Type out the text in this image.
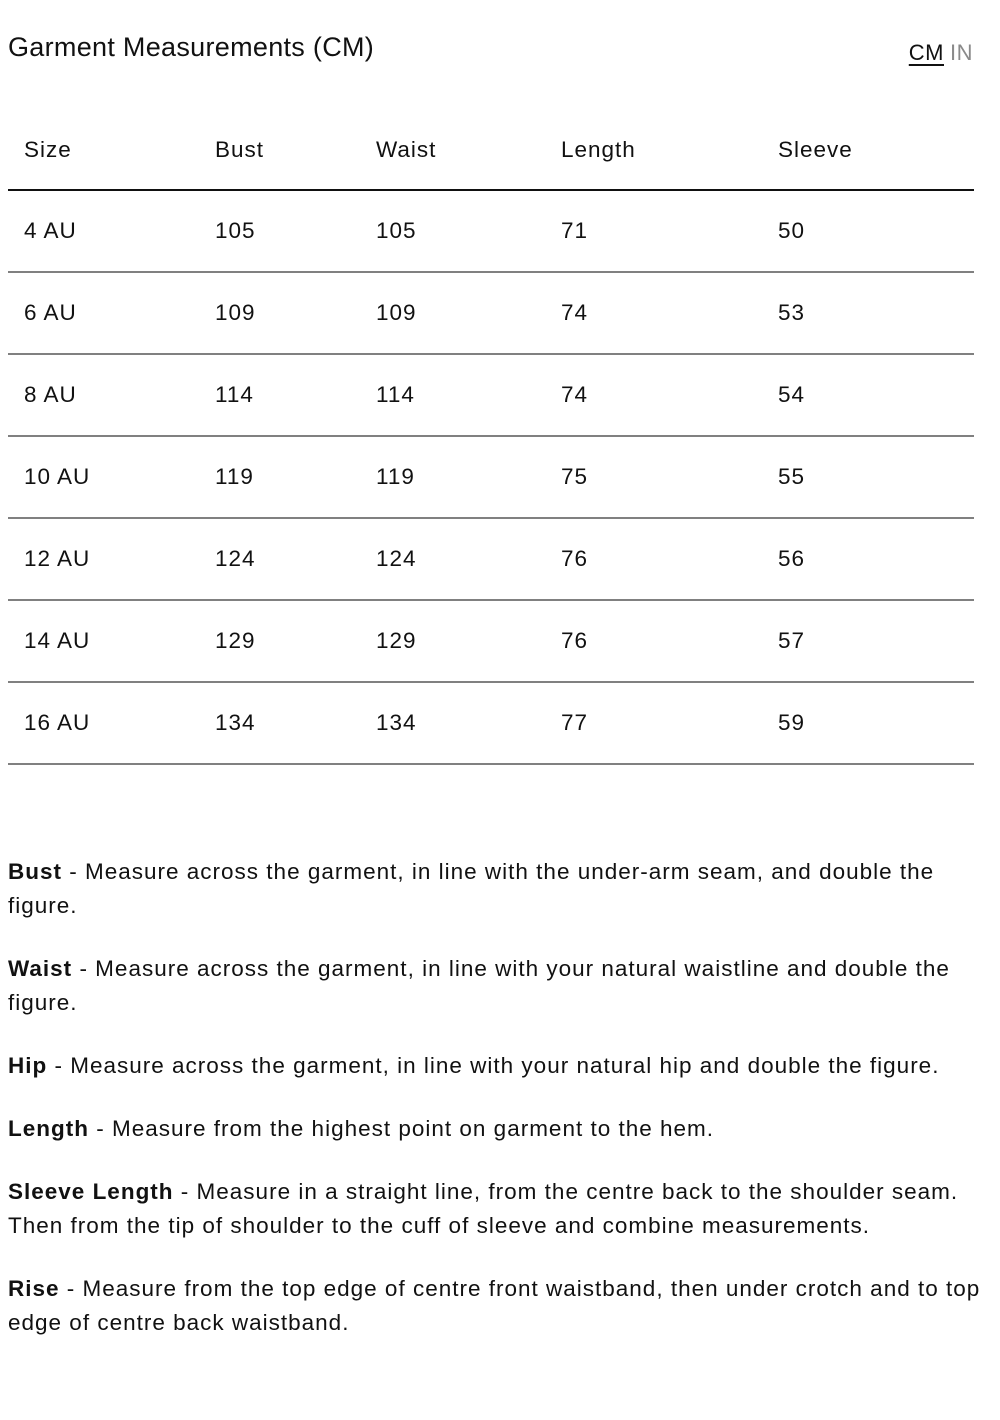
Garment Measurements (CM)	CM IN
Size	Bust	Waist	Length	Sleeve
4 AU	105	105	71	50
6 AU	109	109	74	53
8 AU	114	114	74	54
10 AU	119	119	75	55
12 AU	124	124	76	56
14 AU	129	129	76	57
16 AU	134	134	77	59

Bust - Measure across the garment, in line with the under-arm seam, and double the figure.

Waist - Measure across the garment, in line with your natural waistline and double the figure.

Hip - Measure across the garment, in line with your natural hip and double the figure.

Length - Measure from the highest point on garment to the hem.

Sleeve Length - Measure in a straight line, from the centre back to the shoulder seam. Then from the tip of shoulder to the cuff of sleeve and combine measurements.

Rise - Measure from the top edge of centre front waistband, then under crotch and to top edge of centre back waistband.
